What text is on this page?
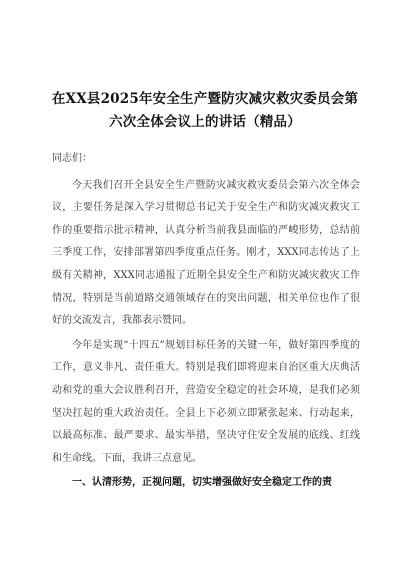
在XX县2025年安全生产暨防灾减灾救灾委员会第
六次全体会议上的讲话（精品）

同志们：

今天我们召开全县安全生产暨防灾减灾救灾委员会第六次全体会议，主要任务是深入学习贯彻总书记关于安全生产和防灾减灾救灾工作的重要指示批示精神，认真分析当前我县面临的严峻形势，总结前三季度工作，安排部署第四季度重点任务。刚才，XXX同志传达了上级有关精神，XXX同志通报了近期全县安全生产和防灾减灾救灾工作情况，特别是当前道路交通领域存在的突出问题，相关单位也作了很好的交流发言，我都表示赞同。

今年是实现“十四五”规划目标任务的关键一年，做好第四季度的工作，意义非凡、责任重大。特别是我们即将迎来自治区重大庆典活动和党的重大会议胜利召开，营造安全稳定的社会环境，是我们必须坚决扛起的重大政治责任。全县上下必须立即紧张起来、行动起来，以最高标准、最严要求、最实举措，坚决守住安全发展的底线、红线和生命线。下面，我讲三点意见。

一、认清形势，正视问题，切实增强做好安全稳定工作的责
